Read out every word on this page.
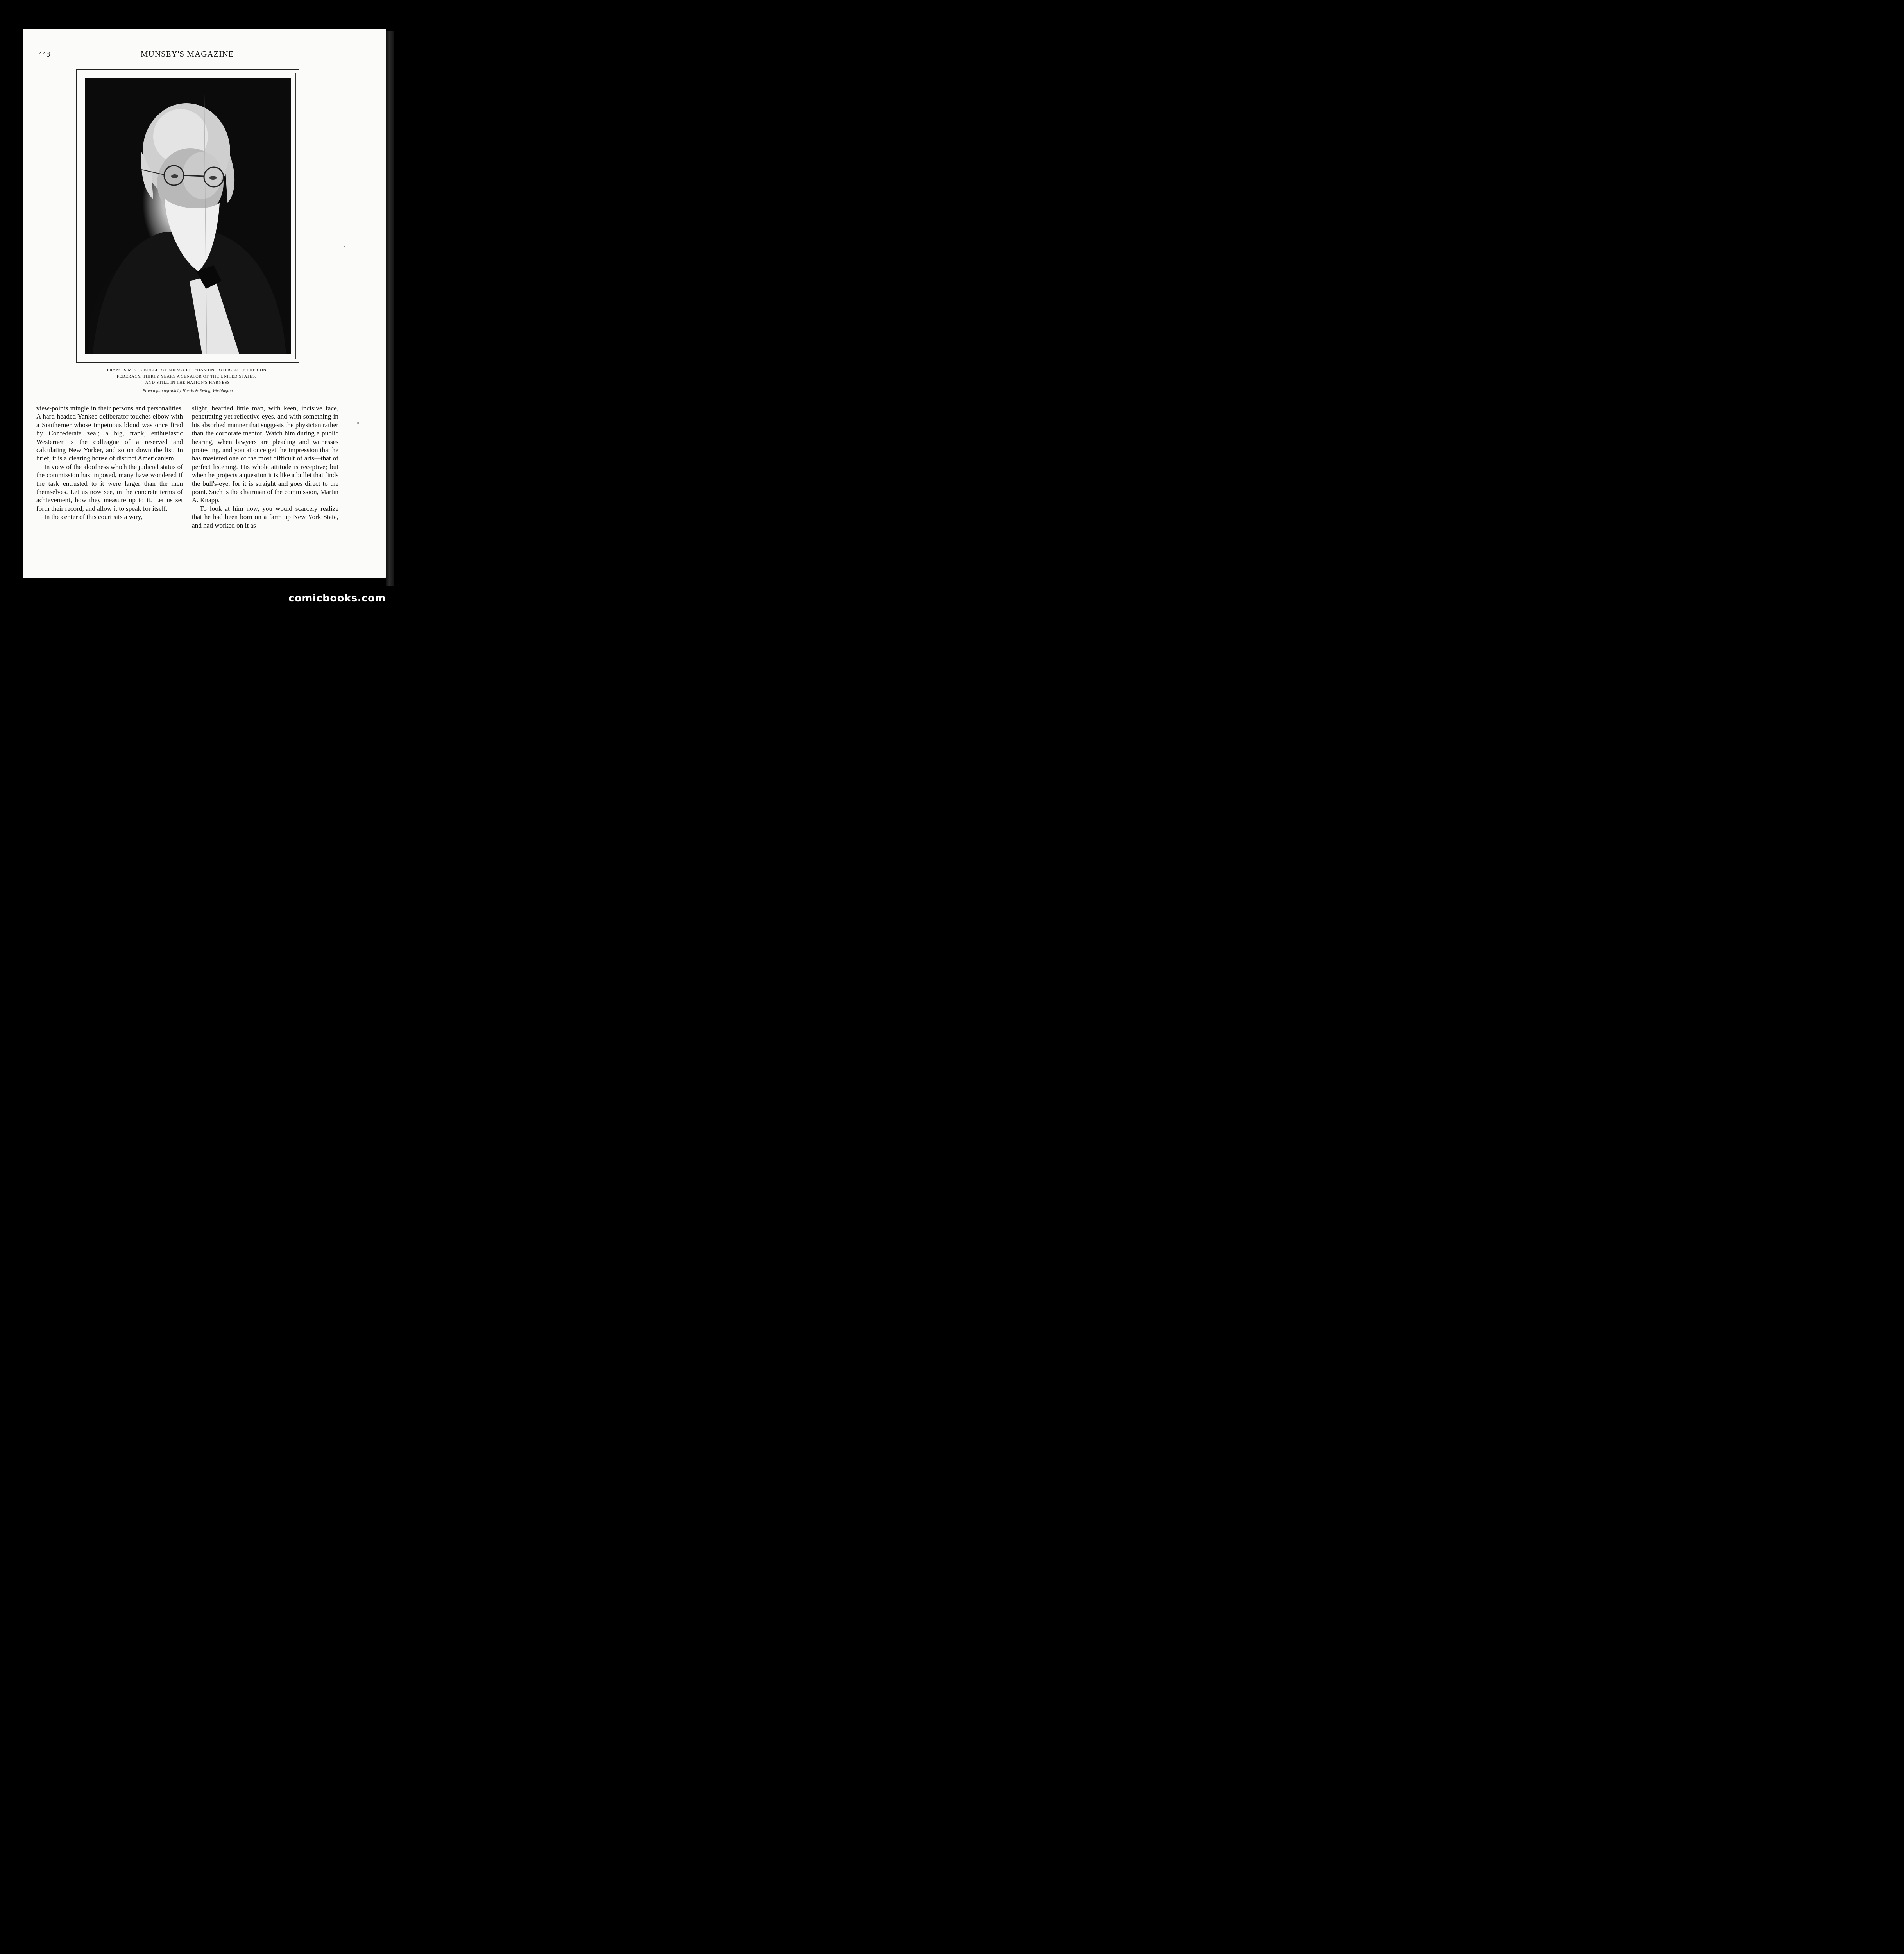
448	MUNSEY'S MAGAZINE
FRANCIS M. COCKRELL, OF MISSOURI—"DASHING OFFICER OF THE CON-
FEDERACY, THIRTY YEARS A SENATOR OF THE UNITED STATES,"
AND STILL IN THE NATION'S HARNESS
From a photograph by Harris & Ewing, Washington

view-points mingle in their persons and personalities. A hard-headed Yankee deliberator touches elbow with a Southerner whose impetuous blood was once fired by Confederate zeal; a big, frank, enthusiastic Westerner is the colleague of a reserved and calculating New Yorker, and so on down the list. In brief, it is a clearing house of distinct Americanism.

In view of the aloofness which the judicial status of the commission has imposed, many have wondered if the task entrusted to it were larger than the men themselves. Let us now see, in the concrete terms of achievement, how they measure up to it. Let us set forth their record, and allow it to speak for itself.

In the center of this court sits a wiry,

slight, bearded little man, with keen, incisive face, penetrating yet reflective eyes, and with something in his absorbed manner that suggests the physician rather than the corporate mentor. Watch him during a public hearing, when lawyers are pleading and witnesses protesting, and you at once get the impression that he has mastered one of the most difficult of arts—that of perfect listening. His whole attitude is receptive; but when he projects a question it is like a bullet that finds the bull's-eye, for it is straight and goes direct to the point. Such is the chairman of the commission, Martin A. Knapp.

To look at him now, you would scarcely realize that he had been born on a farm up New York State, and had worked on it as

comicbooks.com
